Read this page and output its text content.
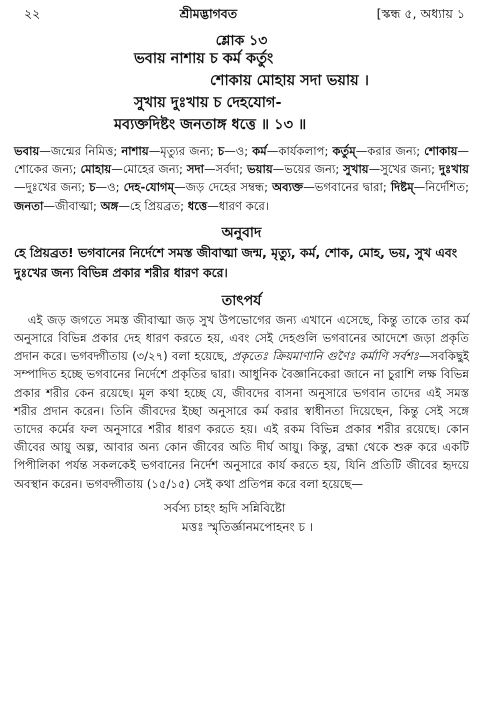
২২	শ্রীমদ্ভাগবত	[স্কন্ধ ৫, অধ্যায় ১
শ্লোক ১৩
ভবায় নাশায় চ কর্ম কর্তুং
শোকায় মোহায় সদা ভয়ায় ।
সুখায় দুঃখায় চ দেহযোগ-
মব্যক্তদিষ্টং জনতাঙ্গ ধত্তে ॥ ১৩ ॥
ভবায়—জন্মের নিমিত্ত; নাশায়—মৃত্যুর জন্য; চ—ও; কর্ম—কার্যকলাপ; কর্তুম্—করার জন্য; শোকায়—শোকের জন্য; মোহায়—মোহের জন্য; সদা—সর্বদা; ভয়ায়—ভয়ের জন্য; সুখায়—সুখের জন্য; দুঃখায়—দুঃখের জন্য; চ—ও; দেহ-যোগম্—জড় দেহের সম্বন্ধ; অব্যক্ত—ভগবানের দ্বারা; দিষ্টম্—নির্দেশিত; জনতা—জীবাত্মা; অঙ্গ—হে প্রিয়ব্রত; ধত্তে—ধারণ করে।
অনুবাদ
হে প্রিয়ব্রত! ভগবানের নির্দেশে সমস্ত জীবাত্মা জন্ম, মৃত্যু, কর্ম, শোক, মোহ, ভয়, সুখ এবং দুঃখের জন্য বিভিন্ন প্রকার শরীর ধারণ করে।
তাৎপর্য
এই জড় জগতে সমস্ত জীবাত্মা জড় সুখ উপভোগের জন্য এখানে এসেছে, কিন্তু তাকে তার কর্ম অনুসারে বিভিন্ন প্রকার দেহ ধারণ করতে হয়, এবং সেই দেহগুলি ভগবানের আদেশে জড়া প্রকৃতি প্রদান করে। ভগবদ্গীতায় (৩/২৭) বলা হয়েছে, প্রকৃতেঃ ক্রিয়মাণানি গুণৈঃ কর্মাণি সর্বশঃ—সবকিছুই সম্পাদিত হচ্ছে ভগবানের নির্দেশে প্রকৃতির দ্বারা। আধুনিক বৈজ্ঞানিকেরা জানে না চুরাশি লক্ষ বিভিন্ন প্রকার শরীর কেন রয়েছে। মূল কথা হচ্ছে যে, জীবদের বাসনা অনুসারে ভগবান তাদের এই সমস্ত শরীর প্রদান করেন। তিনি জীবদের ইচ্ছা অনুসারে কর্ম করার স্বাধীনতা দিয়েছেন, কিন্তু সেই সঙ্গে তাদের কর্মের ফল অনুসারে শরীর ধারণ করতে হয়। এই রকম বিভিন্ন প্রকার শরীর রয়েছে। কোন জীবের আয়ু অল্প, আবার অন্য কোন জীবের অতি দীর্ঘ আয়ু। কিন্তু, ব্রহ্মা থেকে শুরু করে একটি পিপীলিকা পর্যন্ত সকলকেই ভগবানের নির্দেশ অনুসারে কার্য করতে হয়, যিনি প্রতিটি জীবের হৃদয়ে অবস্থান করেন। ভগবদ্গীতায় (১৫/১৫) সেই কথা প্রতিপন্ন করে বলা হয়েছে—
সর্বস্য চাহং হৃদি সন্নিবিষ্টো
মত্তঃ স্মৃতির্জ্ঞানমপোহনং চ ।
